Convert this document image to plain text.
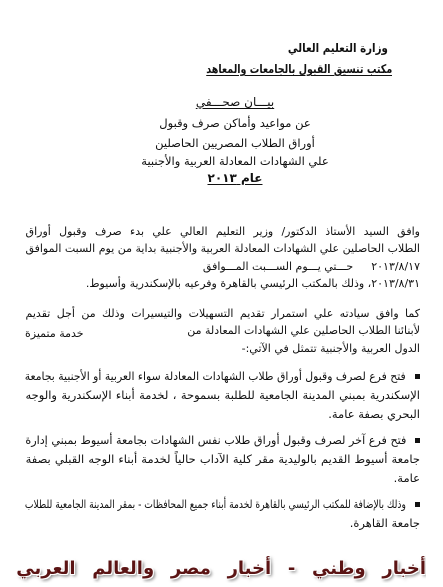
وزارة التعليم العالي
مكتب تنسيق القبول بالجامعات والمعاهد
بيـــان صحـــفي
عن مواعيد وأماكن صرف وقبول
أوراق الطلاب المصريين الحاصلين
علي الشهادات المعادلة العربية والأجنبية
عام ٢٠١٣
وافق السيد الأستاذ الدكتور/ وزير التعليم العالي علي بدء صرف وقبول أوراق
الطلاب الحاصلين علي الشهادات المعادلة العربية والأجنبية بداية من يوم السبت الموافق
٢٠١٣/٨/١٧حـــتي يـــوم الســـبت المـــوافق
٢٠١٣/٨/٣١، وذلك بالمكتب الرئيسي بالقاهرة وفرعيه بالإسكندرية وأسيوط.
كما وافق سيادته علي استمرار تقديم التسهيلات والتيسيرات وذلك من أجل تقديم
لأبنائنا الطلاب الحاصلين علي الشهادات المعادلة من
خدمة متميزة
الدول العربية والأجنبية تتمثل في الآتي:-
فتح فرع لصرف وقبول أوراق طلاب الشهادات المعادلة سواء العربية أو الأجنبية بجامعة
الإسكندرية بمبني المدينة الجامعية للطلبة بسموحة ، لخدمة أبناء الإسكندرية والوجه
البحري بصفة عامة.
فتح فرع آخر لصرف وقبول أوراق طلاب نفس الشهادات بجامعة أسيوط بمبني إدارة
جامعة أسيوط القديم بالوليدية مقر كلية الآداب حالياً لخدمة أبناء الوجه القبلي بصفة
عامة.
وذلك بالإضافة للمكتب الرئيسي بالقاهرة لخدمة أبناء جميع المحافظات - بمقر المدينة الجامعية للطلاب
جامعة القاهرة.
أخبار وطني - أخبار مصر والعالم العربي
